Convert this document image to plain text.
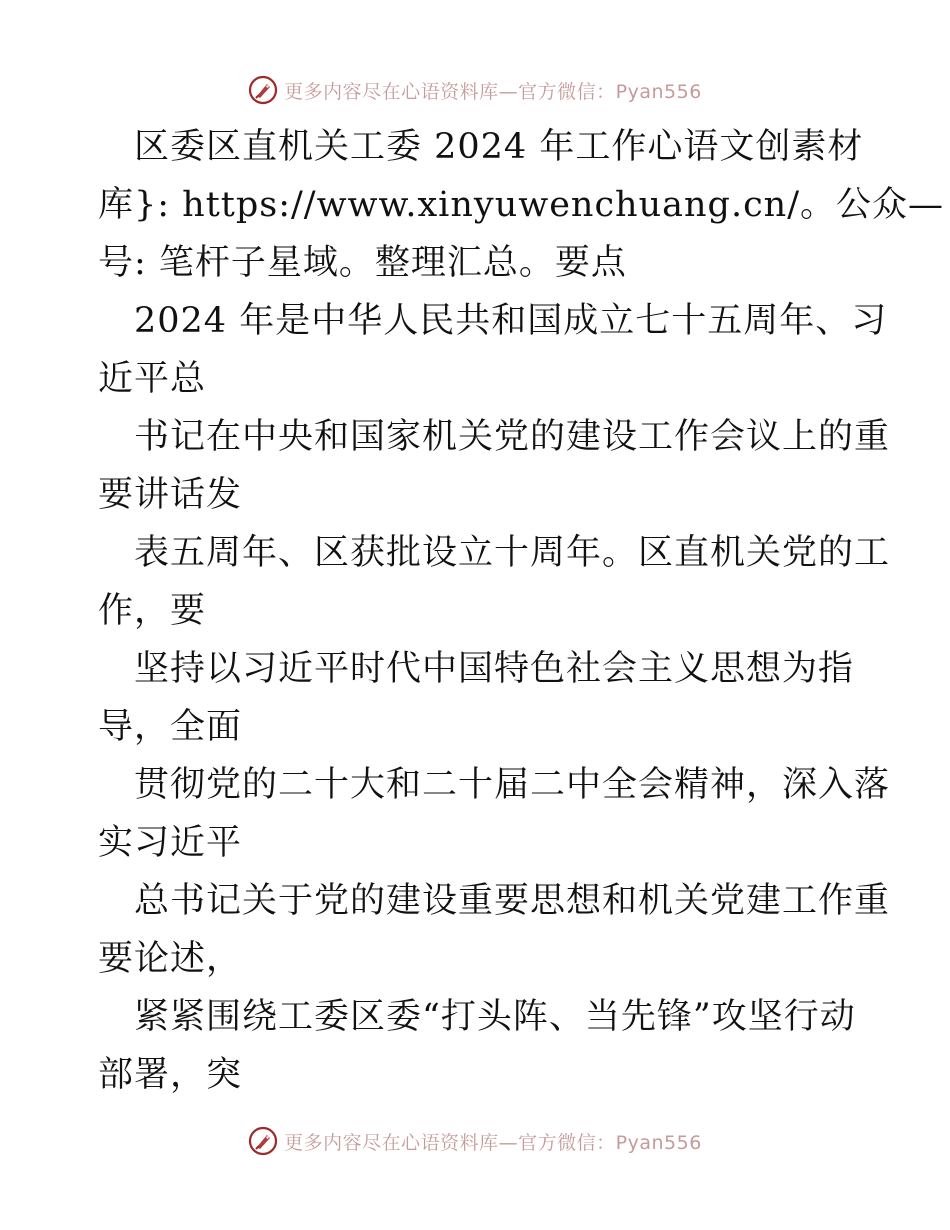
更多内容尽在心语资料库—官方微信：Pyan556
区委区直机关工委 2024 年工作心语文创素材
库}: https://www.xinyuwenchuang.cn/。公众—
号: 笔杆子星域。整理汇总。要点
2024 年是中华人民共和国成立七十五周年、习
近平总
书记在中央和国家机关党的建设工作会议上的重
要讲话发
表五周年、区获批设立十周年。区直机关党的工
作，要
坚持以习近平时代中国特色社会主义思想为指
导，全面
贯彻党的二十大和二十届二中全会精神，深入落
实习近平
总书记关于党的建设重要思想和机关党建工作重
要论述，
紧紧围绕工委区委“打头阵、当先锋”攻坚行动
部署，突
更多内容尽在心语资料库—官方微信：Pyan556
